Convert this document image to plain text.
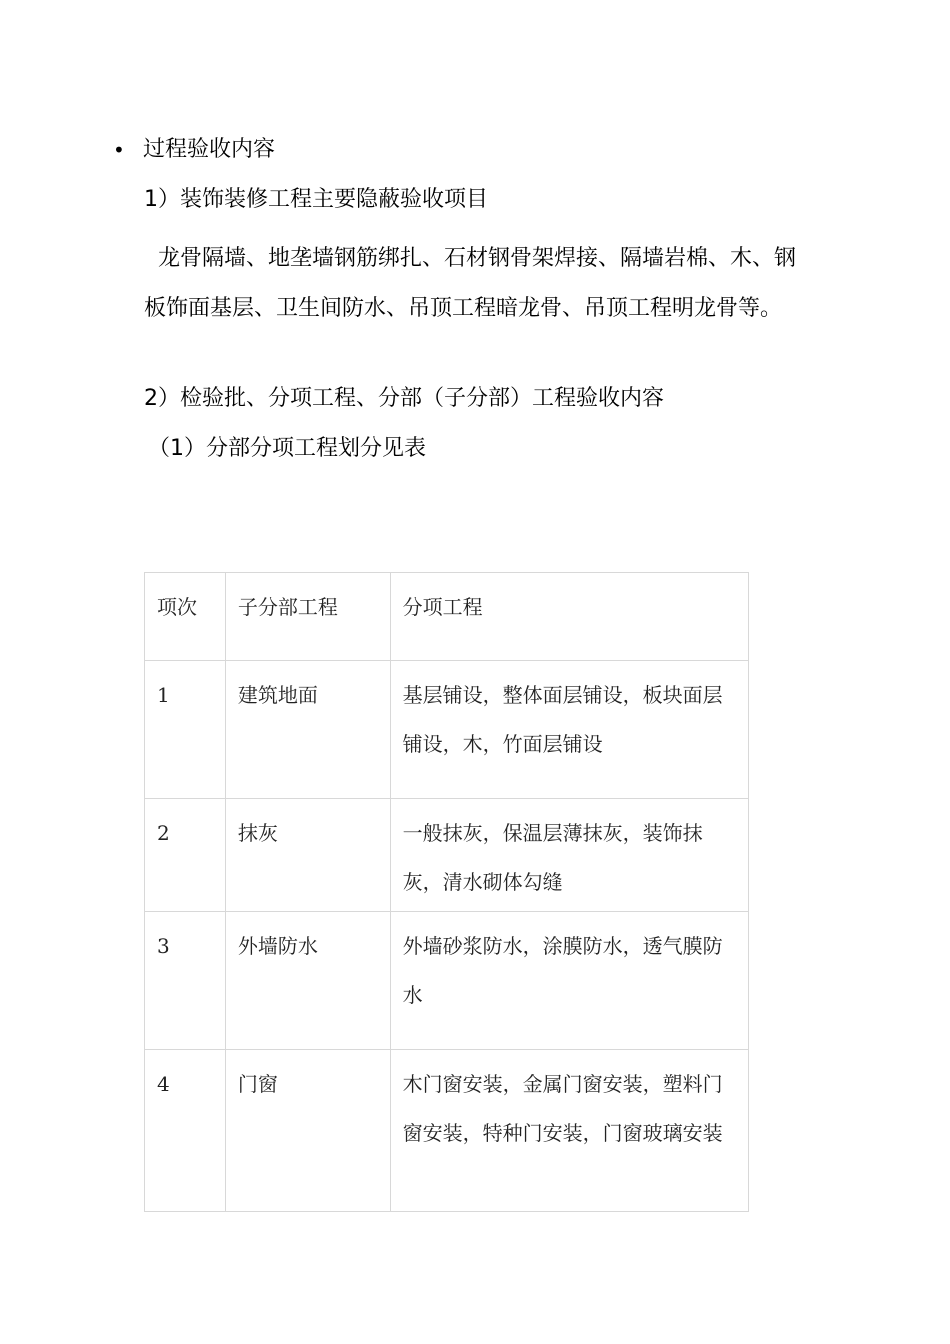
• 过程验收内容
1）装饰装修工程主要隐蔽验收项目
龙骨隔墙、地垄墙钢筋绑扎、石材钢骨架焊接、隔墙岩棉、木、钢板饰面基层、卫生间防水、吊顶工程暗龙骨、吊顶工程明龙骨等。
2）检验批、分项工程、分部（子分部）工程验收内容
（1）分部分项工程划分见表
项次	子分部工程	分项工程

1	建筑地面	基层铺设，整体面层铺设，板块面层铺设，木，竹面层铺设

2	抹灰	一般抹灰，保温层薄抹灰，装饰抹灰，清水砌体勾缝

3	外墙防水	外墙砂浆防水，涂膜防水，透气膜防水

4	门窗	木门窗安装，金属门窗安装，塑料门窗安装，特种门安装，门窗玻璃安装
